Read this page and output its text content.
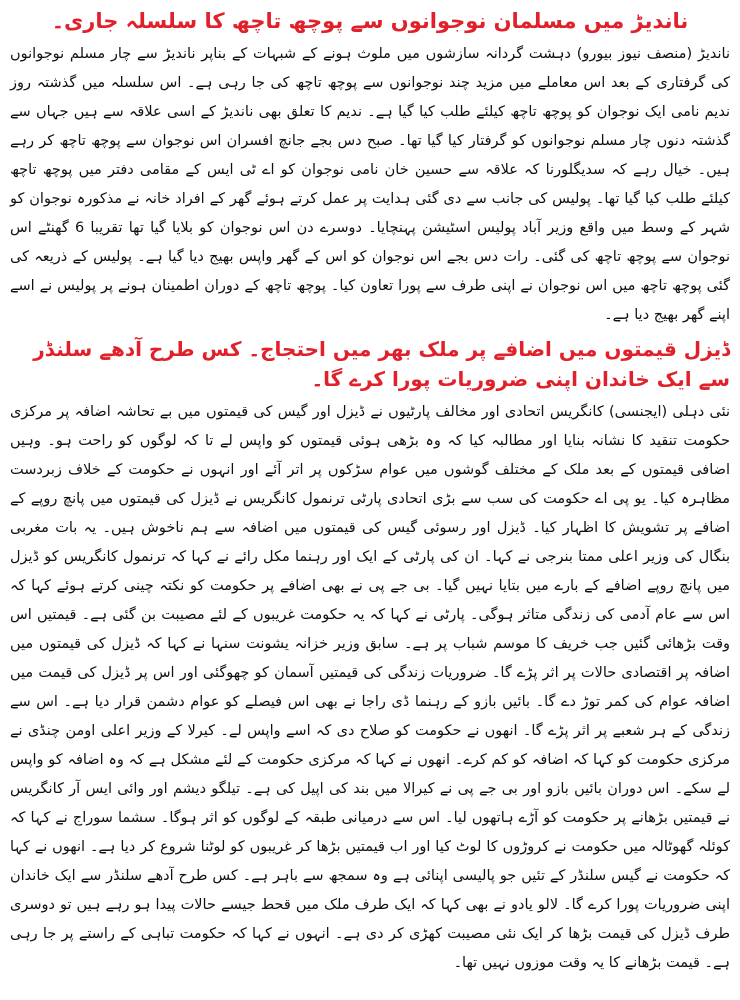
ناندیڑ میں مسلمان نوجوانوں سے پوچھ تاچھ کا سلسلہ جاری۔

ناندیڑ (منصف نیوز بیورو) دہشت گردانہ سازشوں میں ملوث ہونے کے شبہات کے بناپر ناندیڑ سے چار مسلم نوجوانوں کی گرفتاری کے بعد اس معاملے میں مزید چند نوجوانوں سے پوچھ تاچھ کی جا رہی ہے۔ اس سلسلہ میں گذشتہ روز ندیم نامی ایک نوجوان کو پوچھ تاچھ کیلئے طلب کیا گیا ہے۔ ندیم کا تعلق بھی ناندیڑ کے اسی علاقہ سے ہیں جہاں سے گذشتہ دنوں چار مسلم نوجوانوں کو گرفتار کیا گیا تھا۔ صبح دس بجے جانچ افسران اس نوجوان سے پوچھ تاچھ کر رہے ہیں۔ خیال رہے کہ سدیگلورنا کہ علاقہ سے حسین خان نامی نوجوان کو اے ٹی ایس کے مقامی دفتر میں پوچھ تاچھ کیلئے طلب کیا گیا تھا۔ پولیس کی جانب سے دی گئی ہدایت پر عمل کرتے ہوئے گھر کے افراد خانہ نے مذکورہ نوجوان کو شہر کے وسط میں واقع وزیر آباد پولیس اسٹیشن پہنچایا۔ دوسرے دن اس نوجوان کو بلایا گیا تھا تقریبا 6 گھنٹے اس نوجوان سے پوچھ تاچھ کی گئی۔ رات دس بجے اس نوجوان کو اس کے گھر واپس بھیج دیا گیا ہے۔ پولیس کے ذریعہ کی گئی پوچھ تاچھ میں اس نوجوان نے اپنی طرف سے پورا تعاون کیا۔ پوچھ تاچھ کے دوران اطمینان ہونے پر پولیس نے اسے اپنے گھر بھیج دیا ہے۔

ڈیزل قیمتوں میں اضافے پر ملک بھر میں احتجاج۔ کس طرح آدھے سلنڈر سے ایک خاندان اپنی ضروریات پورا کرے گا۔

نئی دہلی (ایجنسی) کانگریس اتحادی اور مخالف پارٹیوں نے ڈیزل اور گیس کی قیمتوں میں بے تحاشہ اضافہ پر مرکزی حکومت تنقید کا نشانہ بنایا اور مطالبہ کیا کہ وہ بڑھی ہوئی قیمتوں کو واپس لے تا کہ لوگوں کو راحت ہو۔ وہیں اضافی قیمتوں کے بعد ملک کے مختلف گوشوں میں عوام سڑکوں پر اتر آئے اور انہوں نے حکومت کے خلاف زبردست مظاہرہ کیا۔ یو پی اے حکومت کی سب سے بڑی اتحادی پارٹی ترنمول کانگریس نے ڈیزل کی قیمتوں میں پانچ روپے کے اضافے پر تشویش کا اظہار کیا۔ ڈیزل اور رسوئی گیس کی قیمتوں میں اضافہ سے ہم ناخوش ہیں۔ یہ بات مغربی بنگال کی وزیر اعلی ممتا بنرجی نے کہا۔ ان کی پارٹی کے ایک اور رہنما مکل رائے نے کہا کہ ترنمول کانگریس کو ڈیزل میں پانچ روپے اضافے کے بارے میں بتایا نہیں گیا۔ بی جے پی نے بھی اضافے پر حکومت کو نکتہ چینی کرتے ہوئے کہا کہ اس سے عام آدمی کی زندگی متاثر ہوگی۔ پارٹی نے کہا کہ یہ حکومت غریبوں کے لئے مصیبت بن گئی ہے۔ قیمتیں اس وقت بڑھائی گئیں جب خریف کا موسم شباب پر ہے۔ سابق وزیر خزانہ یشونت سنہا نے کہا کہ ڈیزل کی قیمتوں میں اضافہ پر اقتصادی حالات پر اثر پڑے گا۔ ضروریات زندگی کی قیمتیں آسمان کو چھوگئی اور اس پر ڈیزل کی قیمت میں اضافہ عوام کی کمر توڑ دے گا۔ بائیں بازو کے رہنما ڈی راجا نے بھی اس فیصلے کو عوام دشمن قرار دیا ہے۔ اس سے زندگی کے ہر شعبے پر اثر پڑے گا۔ انھوں نے حکومت کو صلاح دی کہ اسے واپس لے۔ کیرلا کے وزیر اعلی اومن چنڈی نے مرکزی حکومت کو کہا کہ اضافہ کو کم کرے۔ انھوں نے کہا کہ مرکزی حکومت کے لئے مشکل ہے کہ وہ اضافہ کو واپس لے سکے۔ اس دوران بائیں بازو اور بی جے پی نے کیرالا میں بند کی اپیل کی ہے۔ تیلگو دیشم اور وائی ایس آر کانگریس نے قیمتیں بڑھانے پر حکومت کو آڑے ہاتھوں لیا۔ اس سے درمیانی طبقہ کے لوگوں کو اثر ہوگا۔ سشما سوراج نے کہا کہ کوئلہ گھوٹالہ میں حکومت نے کروڑوں کا لوٹ کیا اور اب قیمتیں بڑھا کر غریبوں کو لوٹنا شروع کر دیا ہے۔ انھوں نے کہا کہ حکومت نے گیس سلنڈر کے تئیں جو پالیسی اپنائی ہے وہ سمجھ سے باہر ہے۔ کس طرح آدھے سلنڈر سے ایک خاندان اپنی ضروریات پورا کرے گا۔ لالو یادو نے بھی کہا کہ ایک طرف ملک میں قحط جیسے حالات پیدا ہو رہے ہیں تو دوسری طرف ڈیزل کی قیمت بڑھا کر ایک نئی مصیبت کھڑی کر دی ہے۔ انہوں نے کہا کہ حکومت تباہی کے راستے پر جا رہی ہے۔ قیمت بڑھانے کا یہ وقت موزوں نہیں تھا۔
